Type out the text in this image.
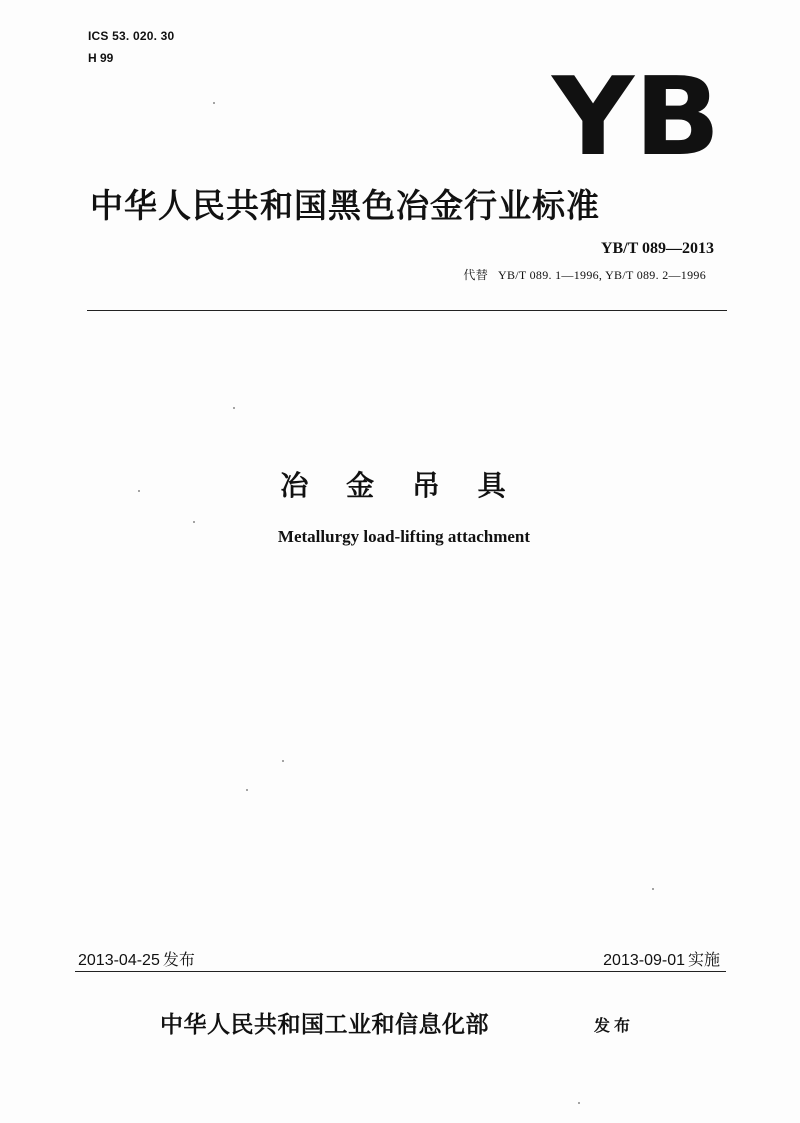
ICS 53. 020. 30
H 99	YB
中华人民共和国黑色冶金行业标准
YB/T 089—2013
代替 YB/T 089. 1—1996, YB/T 089. 2—1996
冶 金 吊 具
Metallurgy load-lifting attachment
2013-04-25 发布	2013-09-01 实施
中华人民共和国工业和信息化部	发布
